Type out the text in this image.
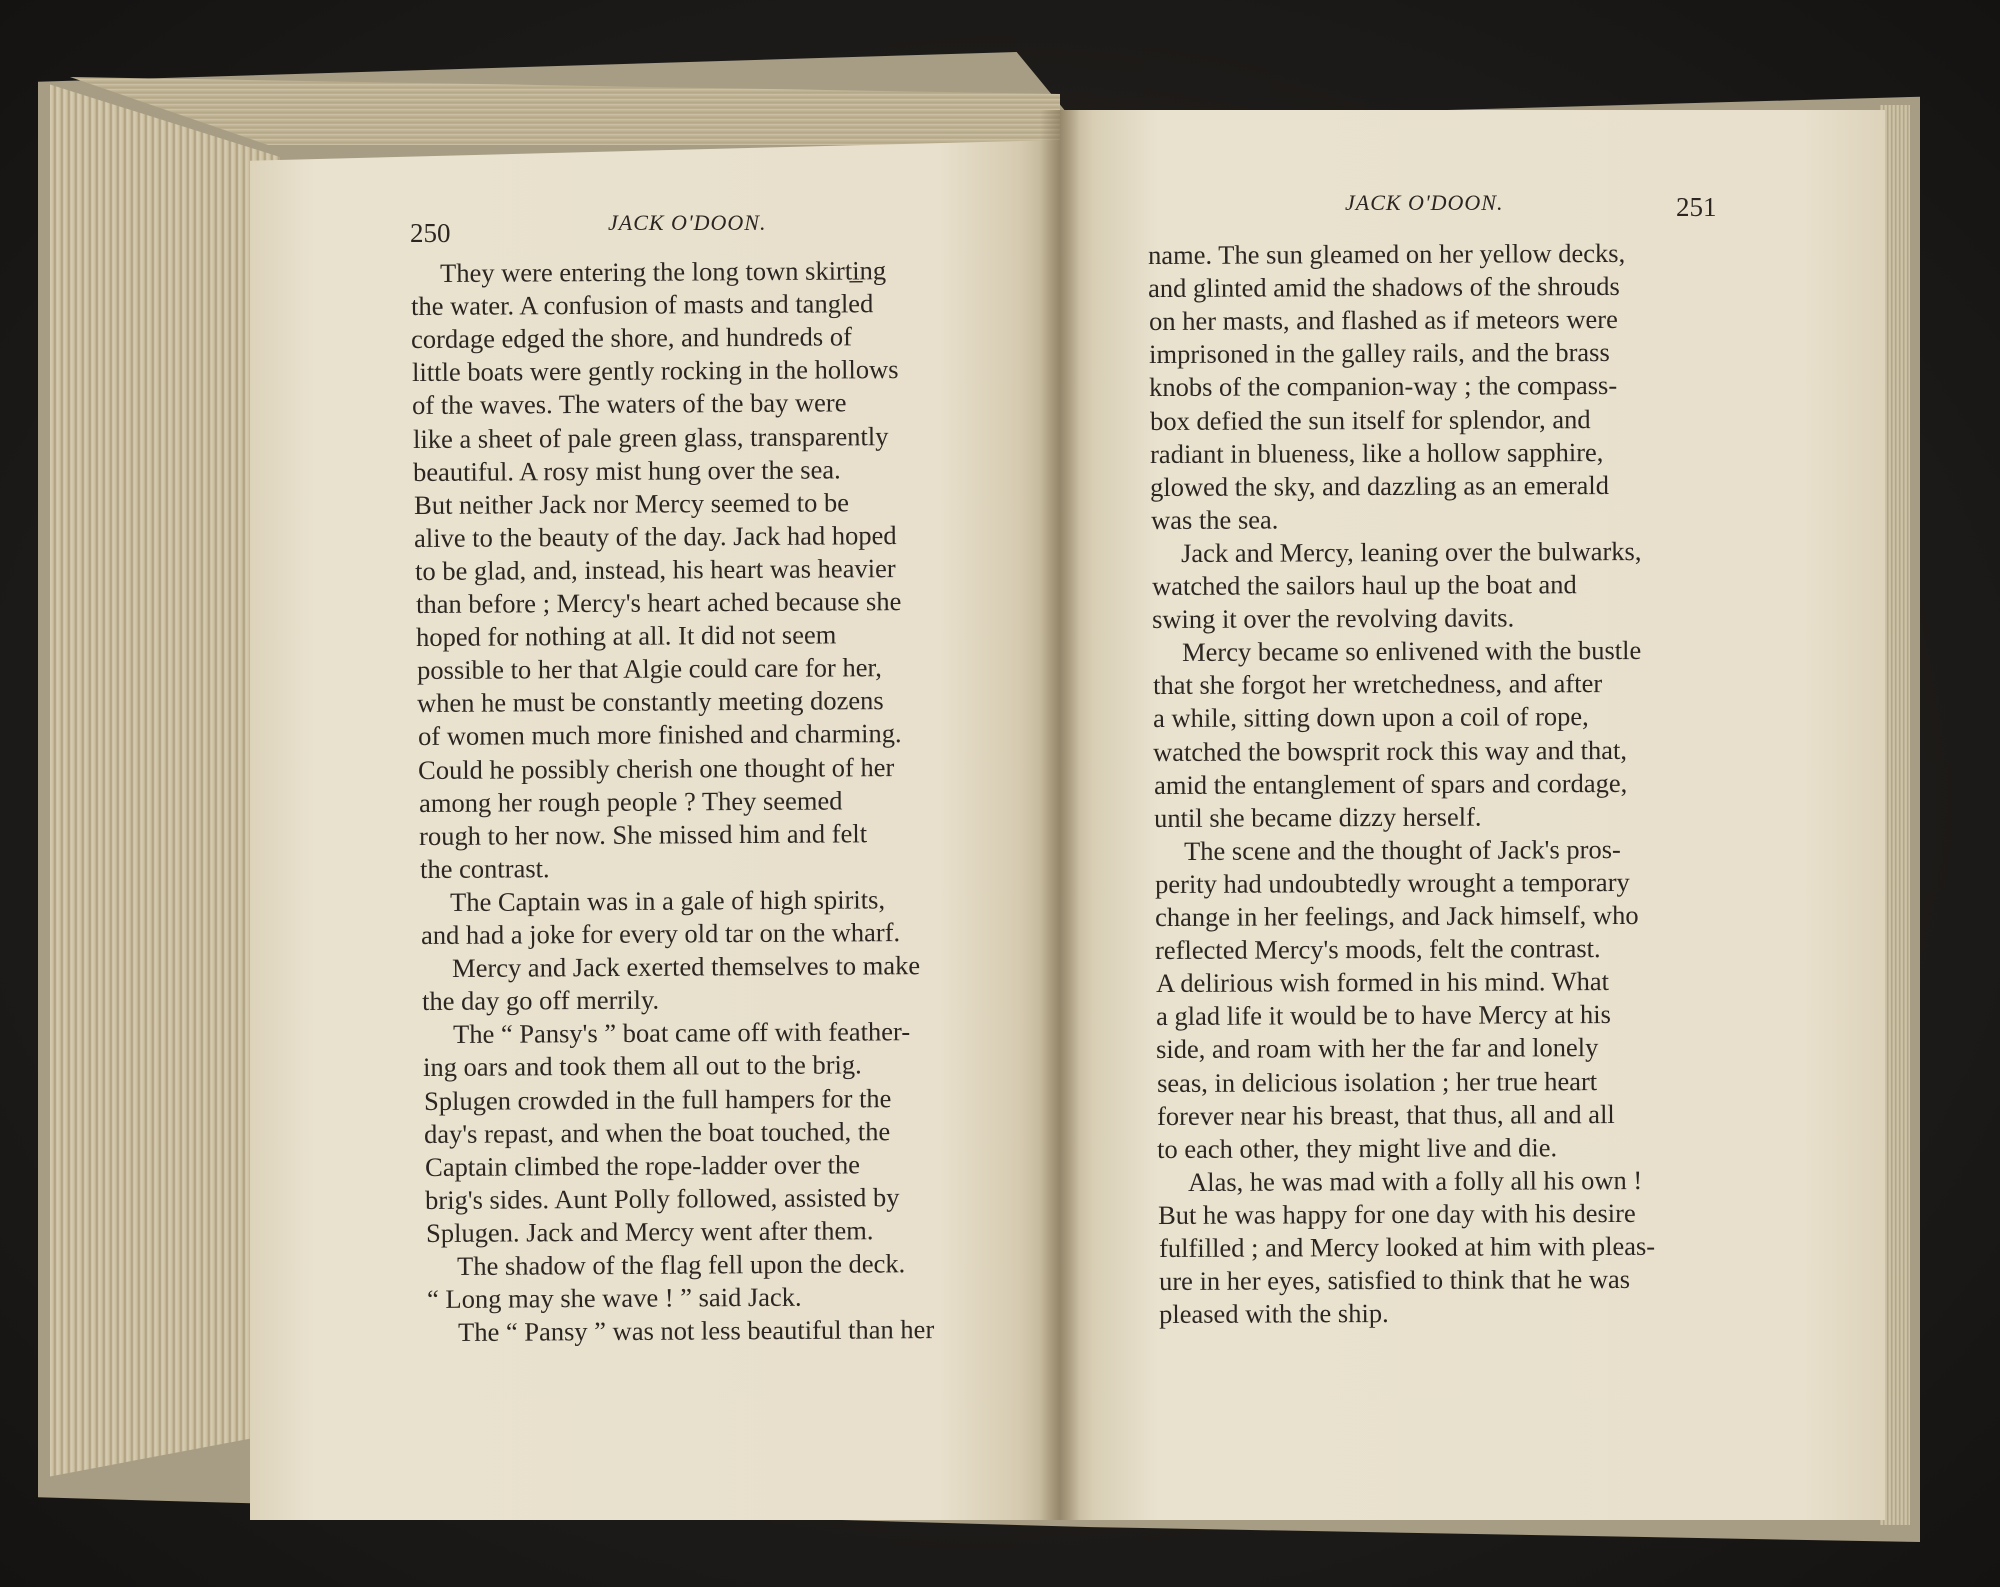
250	JACK O'DOON.
JACK O'DOON.	251
They were entering the long town skirti̲ng
the water. A confusion of masts and tangled
cordage edged the shore, and hundreds of
little boats were gently rocking in the hollows
of the waves. The waters of the bay were
like a sheet of pale green glass, transparently
beautiful. A rosy mist hung over the sea.
But neither Jack nor Mercy seemed to be
alive to the beauty of the day. Jack had hoped
to be glad, and, instead, his heart was heavier
than before ; Mercy's heart ached because she
hoped for nothing at all. It did not seem
possible to her that Algie could care for her,
when he must be constantly meeting dozens
of women much more finished and charming.
Could he possibly cherish one thought of her
among her rough people ? They seemed
rough to her now. She missed him and felt
the contrast.
The Captain was in a gale of high spirits,
and had a joke for every old tar on the wharf.
Mercy and Jack exerted themselves to make
the day go off merrily.
The “ Pansy's ” boat came off with feather-
ing oars and took them all out to the brig.
Splugen crowded in the full hampers for the
day's repast, and when the boat touched, the
Captain climbed the rope-ladder over the
brig's sides. Aunt Polly followed, assisted by
Splugen. Jack and Mercy went after them.
The shadow of the flag fell upon the deck.
“ Long may she wave ! ” said Jack.
The “ Pansy ” was not less beautiful than her
name. The sun gleamed on her yellow decks,
and glinted amid the shadows of the shrouds
on her masts, and flashed as if meteors were
imprisoned in the galley rails, and the brass
knobs of the companion-way ; the compass-
box defied the sun itself for splendor, and
radiant in blueness, like a hollow sapphire,
glowed the sky, and dazzling as an emerald
was the sea.
Jack and Mercy, leaning over the bulwarks,
watched the sailors haul up the boat and
swing it over the revolving davits.
Mercy became so enlivened with the bustle
that she forgot her wretchedness, and after
a while, sitting down upon a coil of rope,
watched the bowsprit rock this way and that,
amid the entanglement of spars and cordage,
until she became dizzy herself.
The scene and the thought of Jack's pros-
perity had undoubtedly wrought a temporary
change in her feelings, and Jack himself, who
reflected Mercy's moods, felt the contrast.
A delirious wish formed in his mind. What
a glad life it would be to have Mercy at his
side, and roam with her the far and lonely
seas, in delicious isolation ; her true heart
forever near his breast, that thus, all and all
to each other, they might live and die.
Alas, he was mad with a folly all his own !
But he was happy for one day with his desire
fulfilled ; and Mercy looked at him with pleas-
ure in her eyes, satisfied to think that he was
pleased with the ship.
